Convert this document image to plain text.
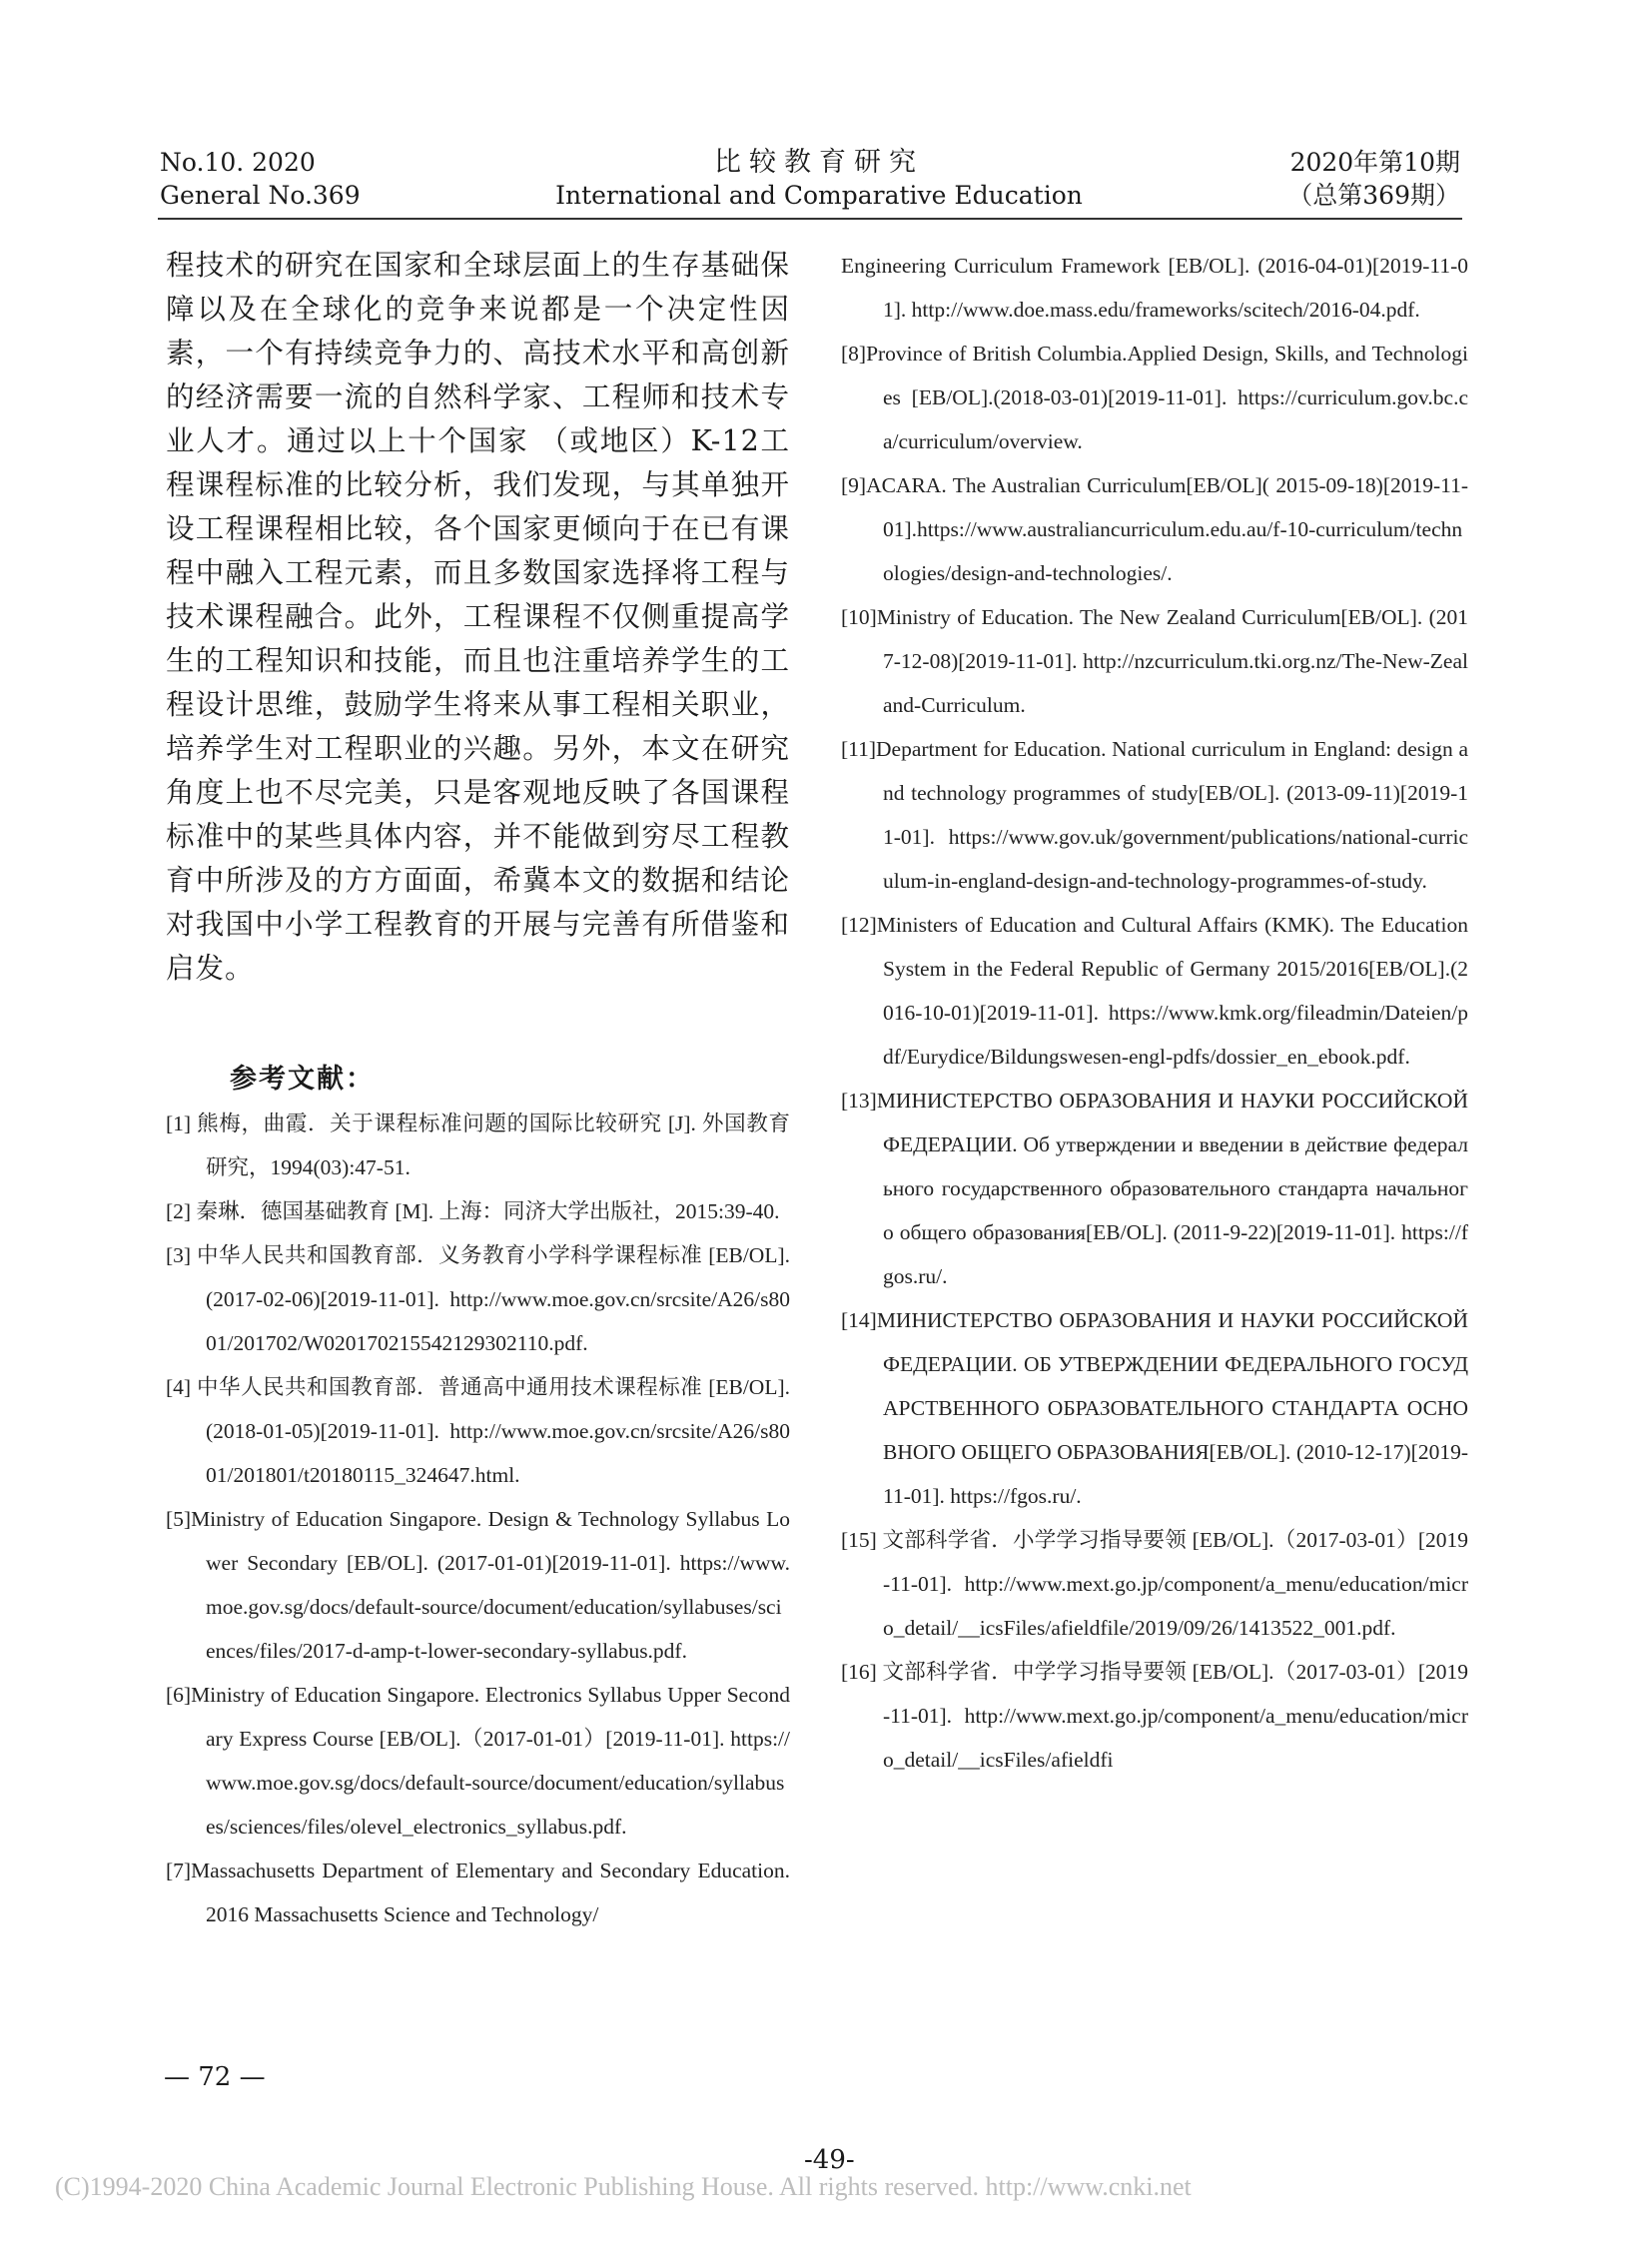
No.10. 2020
General No.369
比较教育研究
International and Comparative Education
2020年第10期
（总第369期）

程技术的研究在国家和全球层面上的生存基础保障以及在全球化的竞争来说都是一个决定性因素，一个有持续竞争力的、高技术水平和高创新的经济需要一流的自然科学家、工程师和技术专业人才。通过以上十个国家 （或地区）K-12工程课程标准的比较分析，我们发现，与其单独开设工程课程相比较，各个国家更倾向于在已有课程中融入工程元素，而且多数国家选择将工程与技术课程融合。此外，工程课程不仅侧重提高学生的工程知识和技能，而且也注重培养学生的工程设计思维，鼓励学生将来从事工程相关职业，培养学生对工程职业的兴趣。另外，本文在研究角度上也不尽完美，只是客观地反映了各国课程标准中的某些具体内容，并不能做到穷尽工程教育中所涉及的方方面面，希冀本文的数据和结论对我国中小学工程教育的开展与完善有所借鉴和启发。

参考文献：

[1] 熊梅，曲霞．关于课程标准问题的国际比较研究 [J]. 外国教育研究，1994(03):47-51.

[2] 秦琳．德国基础教育 [M]. 上海：同济大学出版社，2015:39-40.

[3] 中华人民共和国教育部．义务教育小学科学课程标准 [EB/OL]. (2017-02-06)[2019-11-01]. http://www.moe.gov.cn/srcsite/A26/s8001/201702/W020170215542129302110.pdf.

[4] 中华人民共和国教育部．普通高中通用技术课程标准 [EB/OL]. (2018-01-05)[2019-11-01]. http://www.moe.gov.cn/srcsite/A26/s8001/201801/t20180115_324647.html.

[5]Ministry of Education Singapore. Design & Technology Syllabus Lower Secondary [EB/OL]. (2017-01-01)[2019-11-01]. https://www.moe.gov.sg/docs/default-source/document/education/syllabuses/sciences/files/2017-d-amp-t-lower-secondary-syllabus.pdf.

[6]Ministry of Education Singapore. Electronics Syllabus Upper Secondary Express Course [EB/OL].（2017-01-01）[2019-11-01]. https://www.moe.gov.sg/docs/default-source/document/education/syllabuses/sciences/files/olevel_electronics_syllabus.pdf.

[7]Massachusetts Department of Elementary and Secondary Education. 2016 Massachusetts Science and Technology/

Engineering Curriculum Framework [EB/OL]. (2016-04-01)[2019-11-01]. http://www.doe.mass.edu/frameworks/scitech/2016-04.pdf.

[8]Province of British Columbia.Applied Design, Skills, and Technologies [EB/OL].(2018-03-01)[2019-11-01]. https://curriculum.gov.bc.ca/curriculum/overview.

[9]ACARA. The Australian Curriculum[EB/OL]( 2015-09-18)[2019-11-01].https://www.australiancurriculum.edu.au/f-10-curriculum/technologies/design-and-technologies/.

[10]Ministry of Education. The New Zealand Curriculum[EB/OL]. (2017-12-08)[2019-11-01]. http://nzcurriculum.tki.org.nz/The-New-Zealand-Curriculum.

[11]Department for Education. National curriculum in England: design and technology programmes of study[EB/OL]. (2013-09-11)[2019-11-01]. https://www.gov.uk/government/publications/national-curriculum-in-england-design-and-technology-programmes-of-study.

[12]Ministers of Education and Cultural Affairs (KMK). The Education System in the Federal Republic of Germany 2015/2016[EB/OL].(2016-10-01)[2019-11-01]. https://www.kmk.org/fileadmin/Dateien/pdf/Eurydice/Bildungswesen-engl-pdfs/dossier_en_ebook.pdf.

[13]МИНИСТЕРСТВО ОБРАЗОВАНИЯ И НАУКИ РОССИЙСКОЙ ФЕДЕРАЦИИ. Об утверждении и введении в действие федерального государственного образовательного стандарта начального общего образования[EB/OL]. (2011-9-22)[2019-11-01]. https://fgos.ru/.

[14]МИНИСТЕРСТВО ОБРАЗОВАНИЯ И НАУКИ РОССИЙСКОЙ ФЕДЕРАЦИИ. ОБ УТВЕРЖДЕНИИ ФЕДЕРАЛЬНОГО ГОСУДАРСТВЕННОГО ОБРАЗОВАТЕЛЬНОГО СТАНДАРТА ОСНОВНОГО ОБЩЕГО ОБРАЗОВАНИЯ[EB/OL]. (2010-12-17)[2019-11-01]. https://fgos.ru/.

[15] 文部科学省．小学学习指导要领 [EB/OL].（2017-03-01）[2019-11-01]. http://www.mext.go.jp/component/a_menu/education/micro_detail/__icsFiles/afieldfile/2019/09/26/1413522_001.pdf.

[16] 文部科学省．中学学习指导要领 [EB/OL].（2017-03-01）[2019-11-01]. http://www.mext.go.jp/component/a_menu/education/micro_detail/__icsFiles/afieldfi

— 72 —
-49-
(C)1994-2020 China Academic Journal Electronic Publishing House. All rights reserved. http://www.cnki.net
